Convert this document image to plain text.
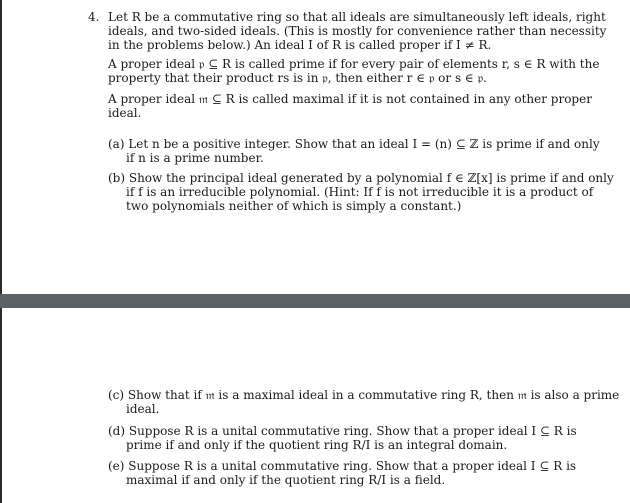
4. Let R be a commutative ring so that all ideals are simultaneously left ideals, right
ideals, and two-sided ideals. (This is mostly for convenience rather than necessity
in the problems below.) An ideal I of R is called proper if I ≠ R.
A proper ideal 𝔭 ⊆ R is called prime if for every pair of elements r, s ∈ R with the
property that their product rs is in 𝔭, then either r ∈ 𝔭 or s ∈ 𝔭.
A proper ideal 𝔪 ⊆ R is called maximal if it is not contained in any other proper
ideal.
(a) Let n be a positive integer. Show that an ideal I = (n) ⊆ ℤ is prime if and only
if n is a prime number.
(b) Show the principal ideal generated by a polynomial f ∈ ℤ[x] is prime if and only
if f is an irreducible polynomial. (Hint: If f is not irreducible it is a product of
two polynomials neither of which is simply a constant.)
(c) Show that if 𝔪 is a maximal ideal in a commutative ring R, then 𝔪 is also a prime
ideal.
(d) Suppose R is a unital commutative ring. Show that a proper ideal I ⊆ R is
prime if and only if the quotient ring R/I is an integral domain.
(e) Suppose R is a unital commutative ring. Show that a proper ideal I ⊆ R is
maximal if and only if the quotient ring R/I is a field.
